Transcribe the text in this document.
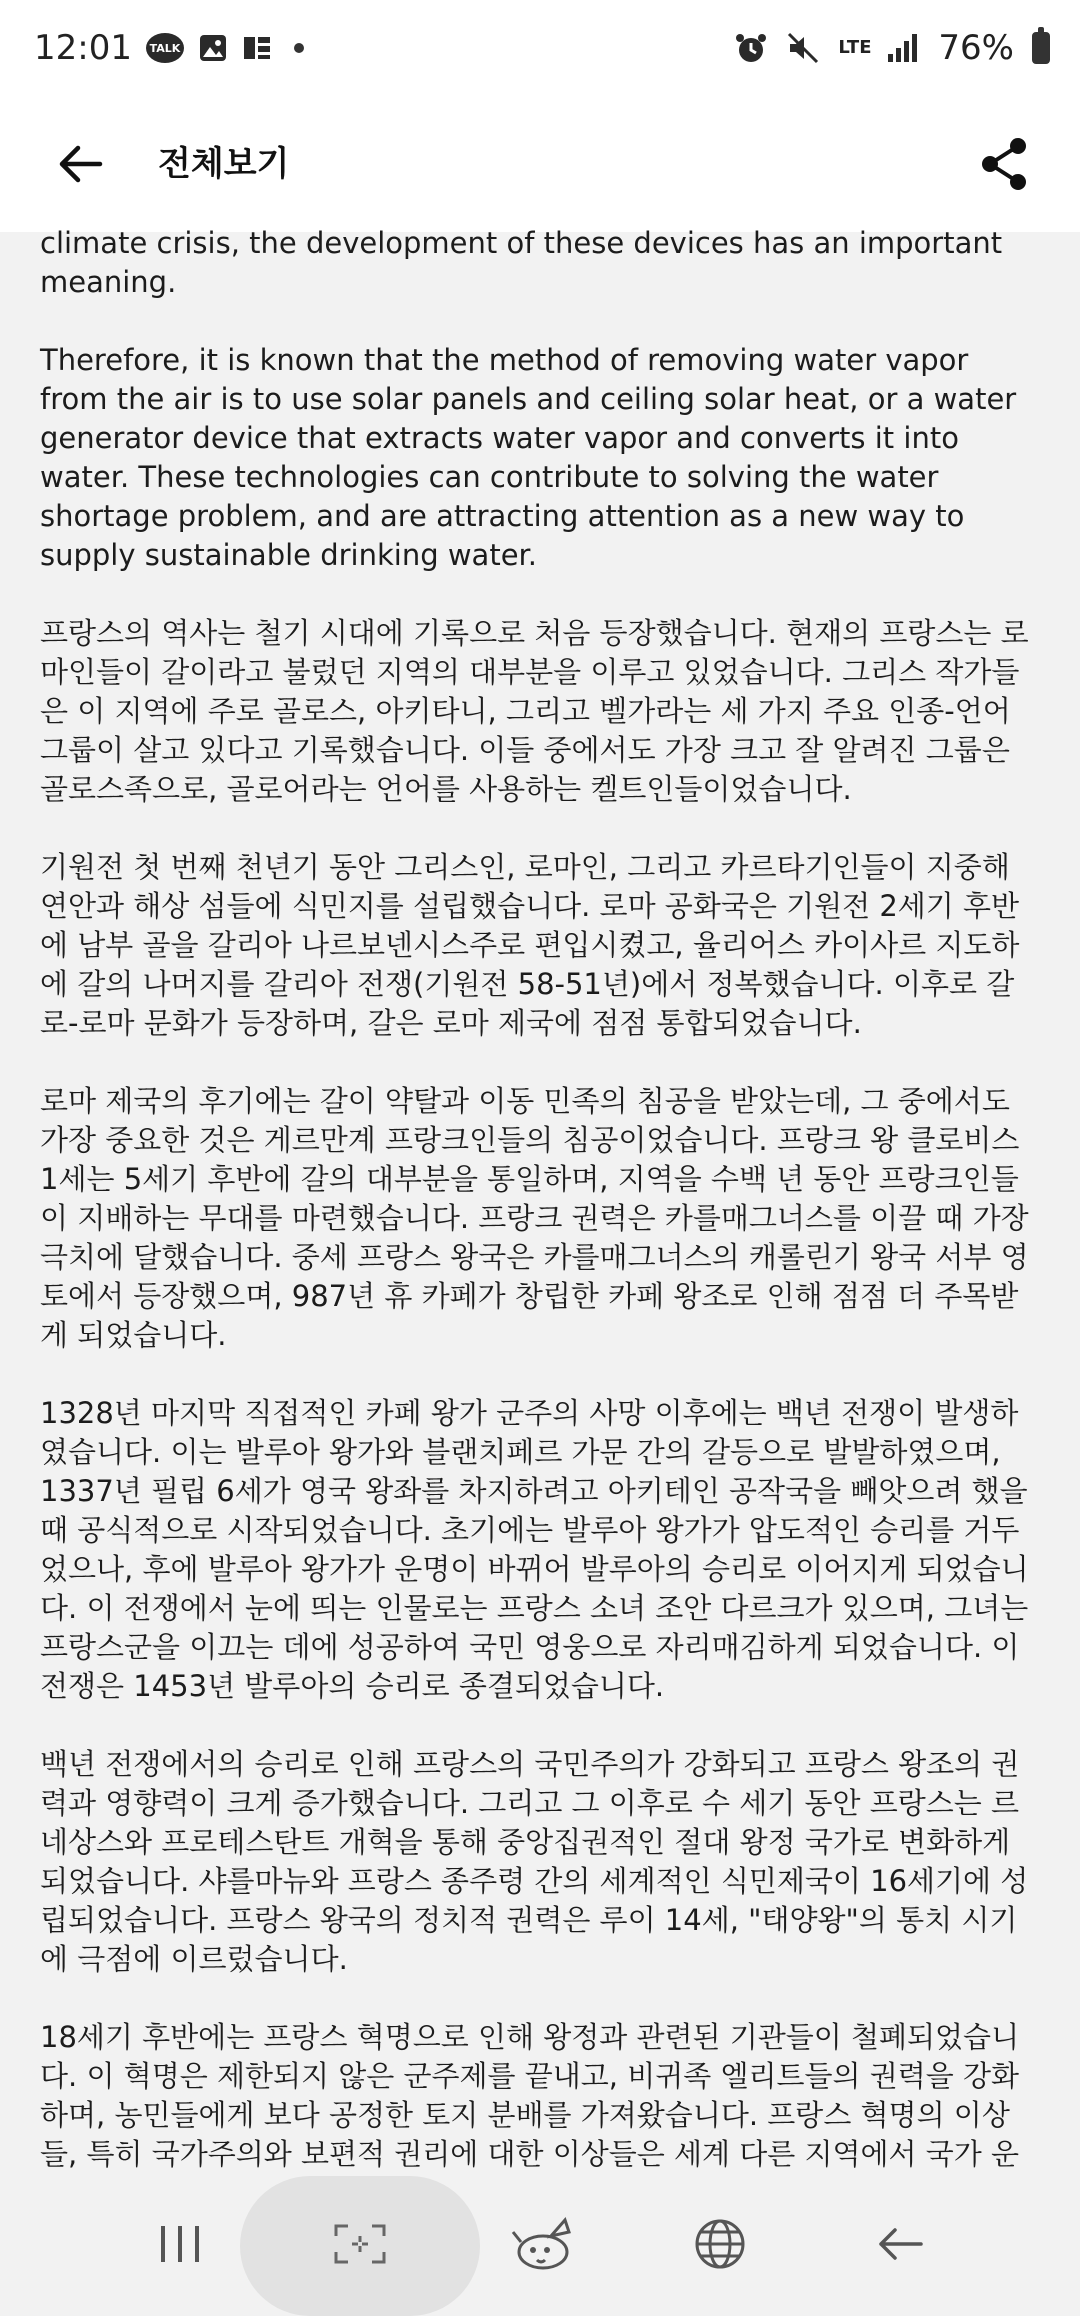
12:01	TALK	LTE 76%
전체보기

climate crisis, the development of these devices has an important meaning.

Therefore, it is known that the method of removing water vapor from the air is to use solar panels and ceiling solar heat, or a water generator device that extracts water vapor and converts it into water. These technologies can contribute to solving the water shortage problem, and are attracting attention as a new way to supply sustainable drinking water.

프랑스의 역사는 철기 시대에 기록으로 처음 등장했습니다. 현재의 프랑스는 로마인들이 갈이라고 불렀던 지역의 대부분을 이루고 있었습니다. 그리스 작가들은 이 지역에 주로 골로스, 아키타니, 그리고 벨가라는 세 가지 주요 인종-언어 그룹이 살고 있다고 기록했습니다. 이들 중에서도 가장 크고 잘 알려진 그룹은 골로스족으로, 골로어라는 언어를 사용하는 켈트인들이었습니다.

기원전 첫 번째 천년기 동안 그리스인, 로마인, 그리고 카르타기인들이 지중해 연안과 해상 섬들에 식민지를 설립했습니다. 로마 공화국은 기원전 2세기 후반에 남부 골을 갈리아 나르보넨시스주로 편입시켰고, 율리어스 카이사르 지도하에 갈의 나머지를 갈리아 전쟁(기원전 58-51년)에서 정복했습니다. 이후로 갈로-로마 문화가 등장하며, 갈은 로마 제국에 점점 통합되었습니다.

로마 제국의 후기에는 갈이 약탈과 이동 민족의 침공을 받았는데, 그 중에서도 가장 중요한 것은 게르만계 프랑크인들의 침공이었습니다. 프랑크 왕 클로비스 1세는 5세기 후반에 갈의 대부분을 통일하며, 지역을 수백 년 동안 프랑크인들이 지배하는 무대를 마련했습니다. 프랑크 권력은 카를매그너스를 이끌 때 가장 극치에 달했습니다. 중세 프랑스 왕국은 카를매그너스의 캐롤린기 왕국 서부 영토에서 등장했으며, 987년 휴 카페가 창립한 카페 왕조로 인해 점점 더 주목받게 되었습니다.

1328년 마지막 직접적인 카페 왕가 군주의 사망 이후에는 백년 전쟁이 발생하였습니다. 이는 발루아 왕가와 블랜치페르 가문 간의 갈등으로 발발하였으며, 1337년 필립 6세가 영국 왕좌를 차지하려고 아키테인 공작국을 빼앗으려 했을 때 공식적으로 시작되었습니다. 초기에는 발루아 왕가가 압도적인 승리를 거두었으나, 후에 발루아 왕가가 운명이 바뀌어 발루아의 승리로 이어지게 되었습니다. 이 전쟁에서 눈에 띄는 인물로는 프랑스 소녀 조안 다르크가 있으며, 그녀는 프랑스군을 이끄는 데에 성공하여 국민 영웅으로 자리매김하게 되었습니다. 이 전쟁은 1453년 발루아의 승리로 종결되었습니다.

백년 전쟁에서의 승리로 인해 프랑스의 국민주의가 강화되고 프랑스 왕조의 권력과 영향력이 크게 증가했습니다. 그리고 그 이후로 수 세기 동안 프랑스는 르네상스와 프로테스탄트 개혁을 통해 중앙집권적인 절대 왕정 국가로 변화하게 되었습니다. 샤를마뉴와 프랑스 종주령 간의 세계적인 식민제국이 16세기에 성립되었습니다. 프랑스 왕국의 정치적 권력은 루이 14세, "태양왕"의 통치 시기에 극점에 이르렀습니다.

18세기 후반에는 프랑스 혁명으로 인해 왕정과 관련된 기관들이 철폐되었습니다. 이 혁명은 제한되지 않은 군주제를 끝내고, 비귀족 엘리트들의 권력을 강화하며, 농민들에게 보다 공정한 토지 분배를 가져왔습니다. 프랑스 혁명의 이상들, 특히 국가주의와 보편적 권리에 대한 이상들은 세계 다른 지역에서 국가 운
